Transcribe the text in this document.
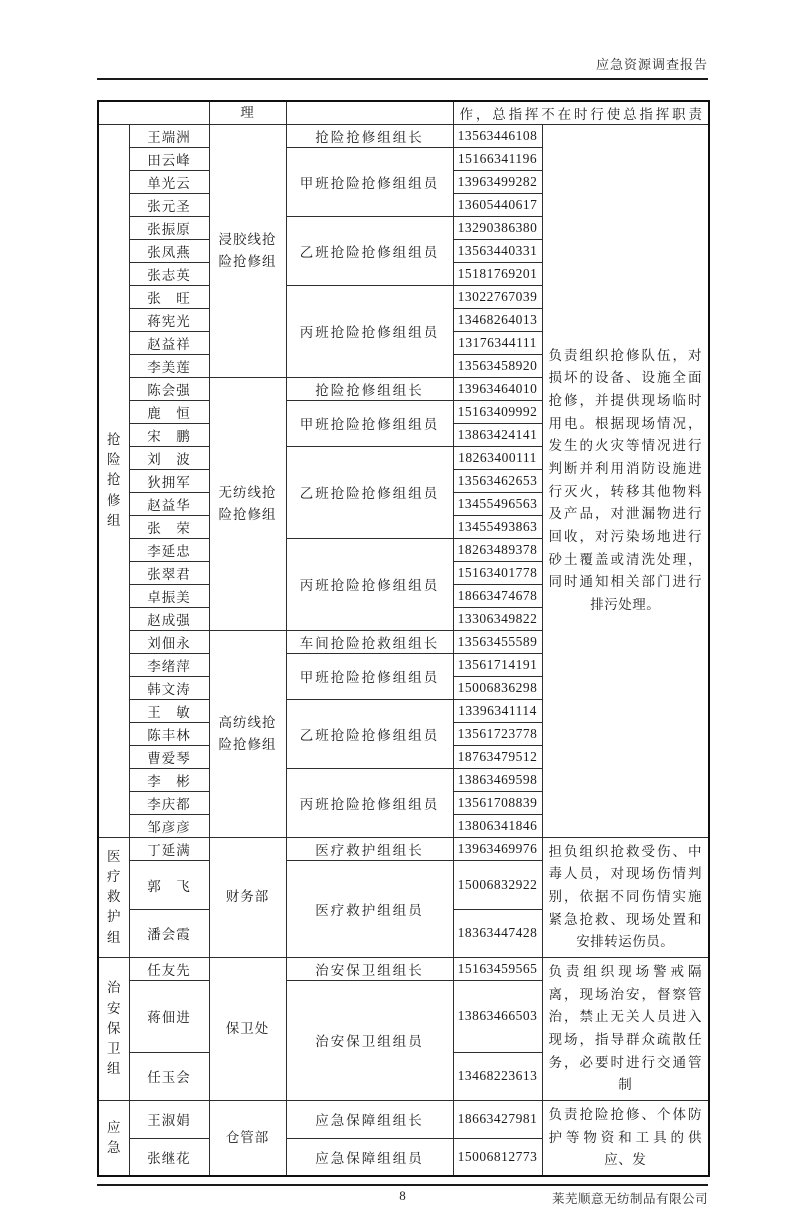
应急资源调查报告
		理		作，总指挥不在时行使总指挥职责	
抢险抢修组	王端洲	浸胶线抢险抢修组	抢险抢修组组长	13563446108	负责组织抢修队伍，对损坏的设备、设施全面抢修，并提供现场临时用电。根据现场情况，发生的火灾等情况进行判断并利用消防设施进行灭火，转移其他物料及产品，对泄漏物进行回收，对污染场地进行砂土覆盖或清洗处理，同时通知相关部门进行排污处理。
	田云峰		甲班抢险抢修组组员	15166341196	
	单光云			13963499282	
	张元圣			13605440617	
	张振原		乙班抢险抢修组组员	13290386380	
	张凤燕			13563440331	
	张志英			15181769201	
	张　旺		丙班抢险抢修组组员	13022767039	
	蒋宪光			13468264013	
	赵益祥			13176344111	
	李美莲			13563458920	
	陈会强	无纺线抢险抢修组	抢险抢修组组长	13963464010	
	鹿　恒		甲班抢险抢修组组员	15163409992	
	宋　鹏			13863424141	
	刘　波		乙班抢险抢修组组员	18263400111	
	狄拥军			13563462653	
	赵益华			13455496563	
	张　荣			13455493863	
	李延忠		丙班抢险抢修组组员	18263489378	
	张翠君			15163401778	
	卓振美			18663474678	
	赵成强			13306349822	
	刘佃永	高纺线抢险抢修组	车间抢险抢救组组长	13563455589	
	李绪萍		甲班抢险抢修组组员	13561714191	
	韩文涛			15006836298	
	王　敏		乙班抢险抢修组组员	13396341114	
	陈丰林			13561723778	
	曹爱琴			18763479512	
	李　彬		丙班抢险抢修组组员	13863469598	
	李庆都			13561708839	
	邹彦彦			13806341846	
医疗救护组	丁延满	财务部	医疗救护组组长	13963469976	担负组织抢救受伤、中毒人员，对现场伤情判别，依据不同伤情实施紧急抢救、现场处置和安排转运伤员。
	郭　飞		医疗救护组组员	15006832922	
	潘会霞			18363447428	
治安保卫组	任友先	保卫处	治安保卫组组长	15163459565	负责组织现场警戒隔离，现场治安，督察管治，禁止无关人员进入现场，指导群众疏散任务，必要时进行交通管制
	蒋佃进		治安保卫组组员	13863466503	
	任玉会			13468223613	
应急	王淑娟	仓管部	应急保障组组长	18663427981	负责抢险抢修、个体防护等物资和工具的供应、发
	张继花		应急保障组组员	15006812773	
8	莱芜顺意无纺制品有限公司
